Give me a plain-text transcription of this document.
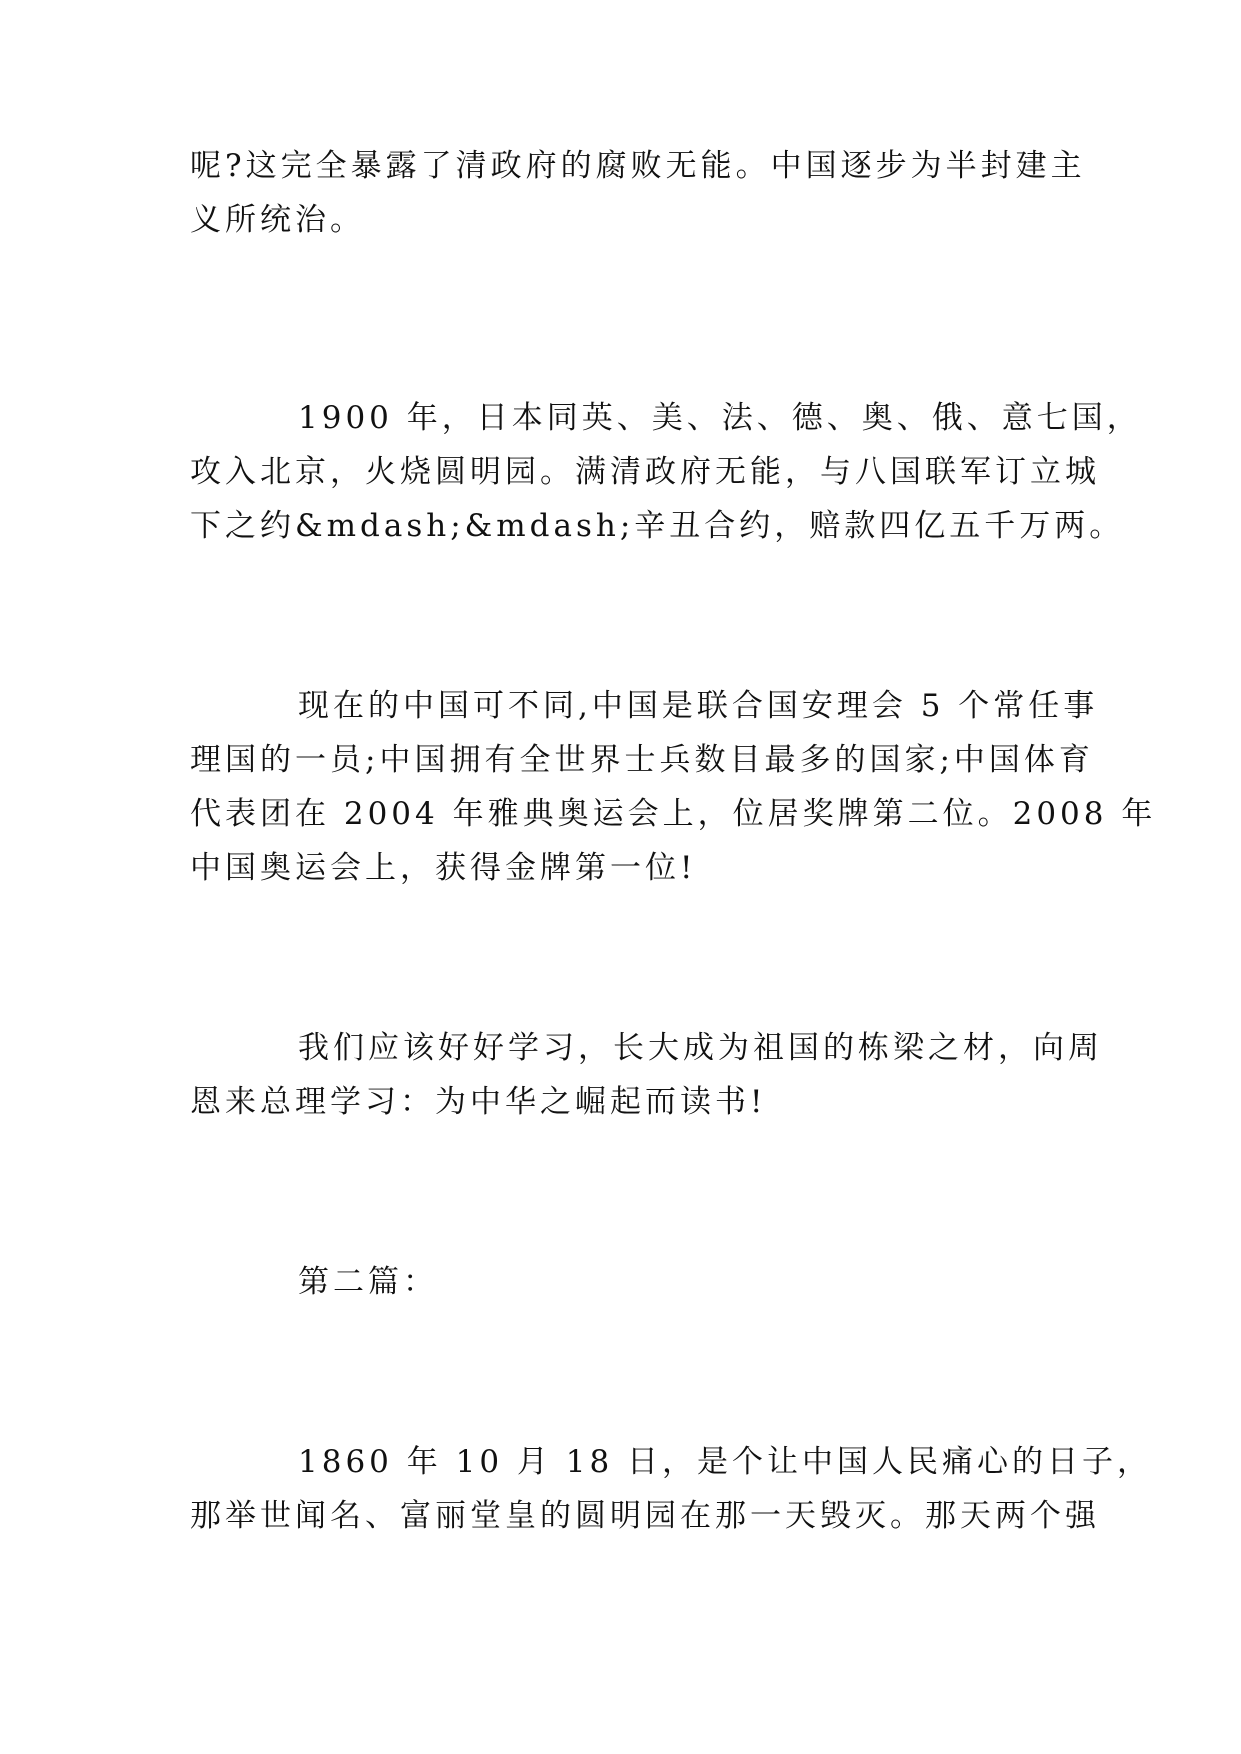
呢?这完全暴露了清政府的腐败无能。中国逐步为半封建主

义所统治。

1900 年，日本同英、美、法、德、奥、俄、意七国，

攻入北京，火烧圆明园。满清政府无能，与八国联军订立城

下之约&mdash;&mdash;辛丑合约，赔款四亿五千万两。

现在的中国可不同,中国是联合国安理会 5 个常任事

理国的一员;中国拥有全世界士兵数目最多的国家;中国体育

代表团在 2004 年雅典奥运会上，位居奖牌第二位。2008 年

中国奥运会上，获得金牌第一位!

我们应该好好学习，长大成为祖国的栋梁之材，向周

恩来总理学习：为中华之崛起而读书!

第二篇：

1860 年 10 月 18 日，是个让中国人民痛心的日子，

那举世闻名、富丽堂皇的圆明园在那一天毁灭。那天两个强
